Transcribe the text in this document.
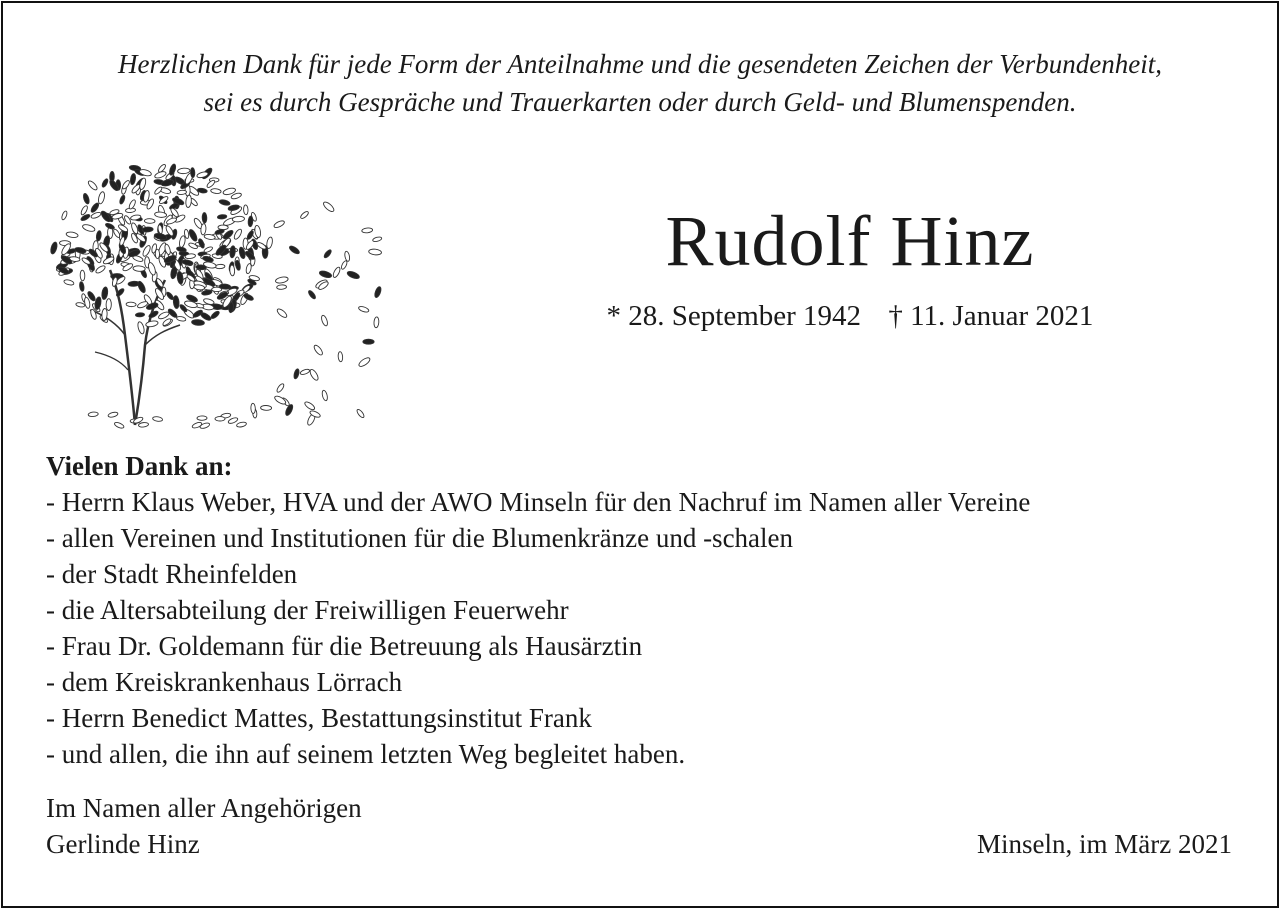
Herzlichen Dank für jede Form der Anteilnahme und die gesendeten Zeichen der Verbundenheit,
sei es durch Gespräche und Trauerkarten oder durch Geld- und Blumenspenden.
Rudolf Hinz
* 28. September 1942 † 11. Januar 2021
Vielen Dank an:
- Herrn Klaus Weber, HVA und der AWO Minseln für den Nachruf im Namen aller Vereine
- allen Vereinen und Institutionen für die Blumenkränze und -schalen
- der Stadt Rheinfelden
- die Altersabteilung der Freiwilligen Feuerwehr
- Frau Dr. Goldemann für die Betreuung als Hausärztin
- dem Kreiskrankenhaus Lörrach
- Herrn Benedict Mattes, Bestattungsinstitut Frank
- und allen, die ihn auf seinem letzten Weg begleitet haben.
Im Namen aller Angehörigen
Gerlinde Hinz	Minseln, im März 2021
